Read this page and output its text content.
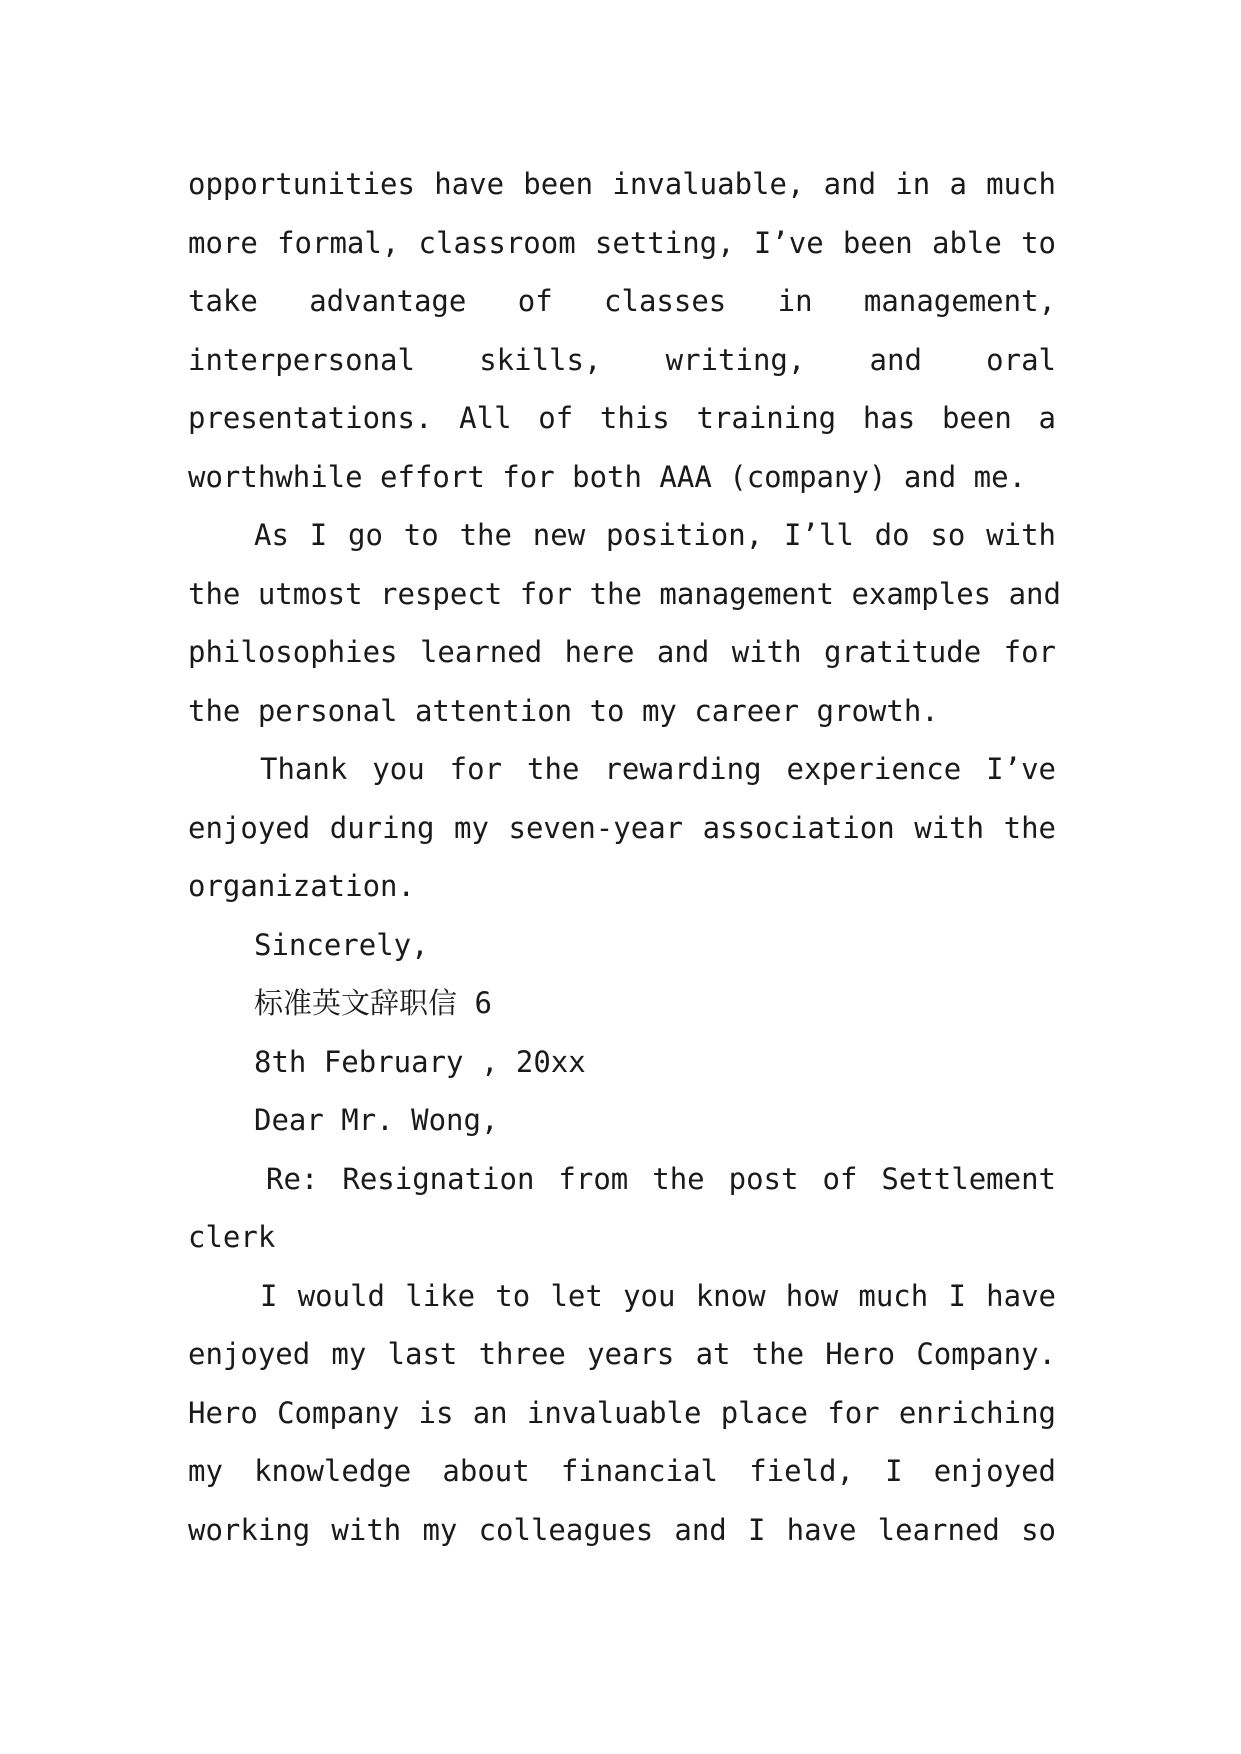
opportunities have been invaluable, and in a much
more formal, classroom setting, I’ve been able to
take advantage of classes in management,
interpersonal skills, writing, and oral
presentations. All of this training has been a
worthwhile effort for both AAA (company) and me.
As I go to the new position, I’ll do so with
the utmost respect for the management examples and
philosophies learned here and with gratitude for
the personal attention to my career growth.
Thank you for the rewarding experience I’ve
enjoyed during my seven-year association with the
organization.
Sincerely,
标准英文辞职信 6
8th February , 20xx
Dear Mr. Wong,
Re: Resignation from the post of Settlement
clerk
I would like to let you know how much I have
enjoyed my last three years at the Hero Company.
Hero Company is an invaluable place for enriching
my knowledge about financial field, I enjoyed
working with my colleagues and I have learned so
